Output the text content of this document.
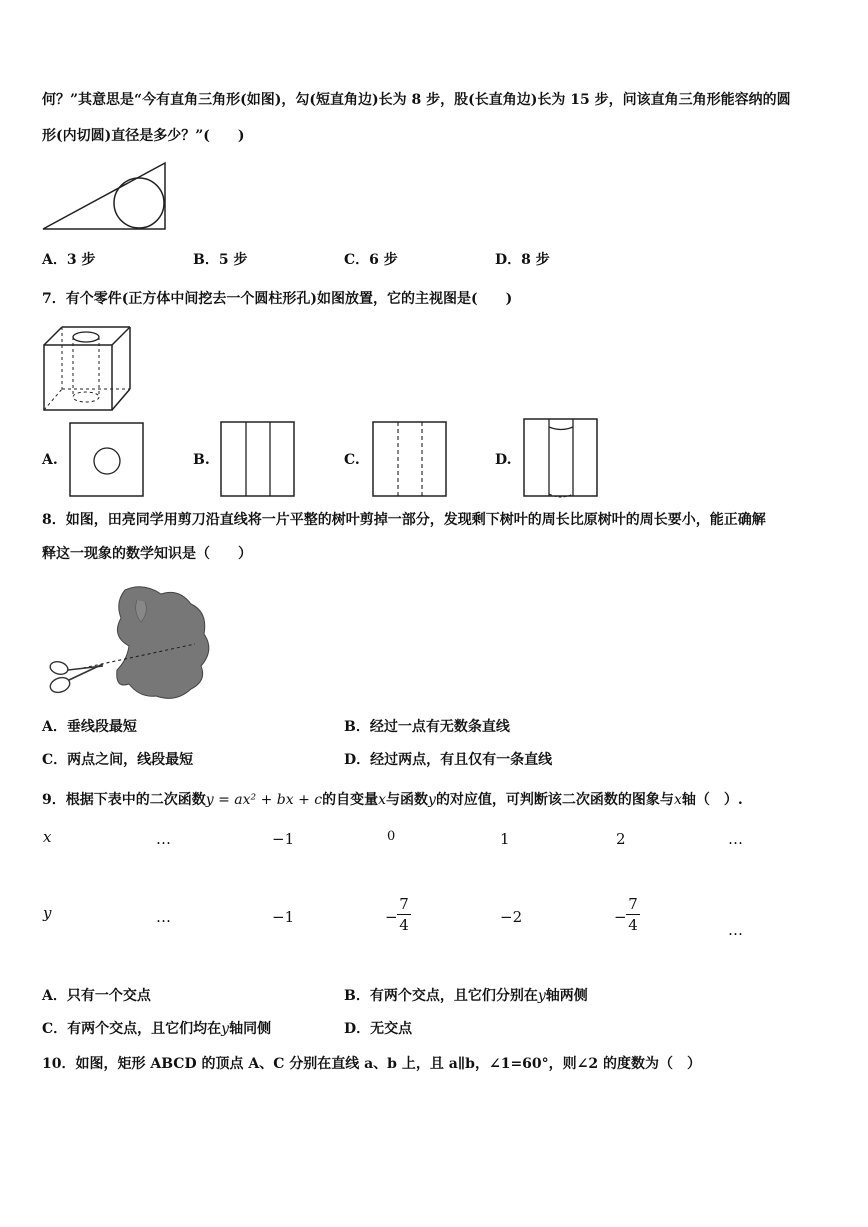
何？”其意思是“今有直角三角形(如图)，勾(短直角边)长为 8 步，股(长直角边)长为 15 步，问该直角三角形能容纳的圆
形(内切圆)直径是多少？”(　　)
A．3 步	B．5 步	C．6 步	D．8 步
7．有个零件(正方体中间挖去一个圆柱形孔)如图放置，它的主视图是(　　)
A.	B.	C.	D.
8．如图，田亮同学用剪刀沿直线将一片平整的树叶剪掉一部分，发现剩下树叶的周长比原树叶的周长要小，能正确解
释这一现象的数学知识是（　　）
A．垂线段最短	B．经过一点有无数条直线
C．两点之间，线段最短	D．经过两点，有且仅有一条直线
9．根据下表中的二次函数y = ax² + bx + c的自变量x与函数y的对应值，可判断该二次函数的图象与x轴（　）.
x	…	−1	0	1	2	…
y	…	−1	−
7
4	−2	−
7
4	…
A．只有一个交点	B．有两个交点，且它们分别在y轴两侧
C．有两个交点，且它们均在y轴同侧	D．无交点
10．如图，矩形 ABCD 的顶点 A、C 分别在直线 a、b 上，且 a∥b，∠1=60°，则∠2 的度数为（　）
